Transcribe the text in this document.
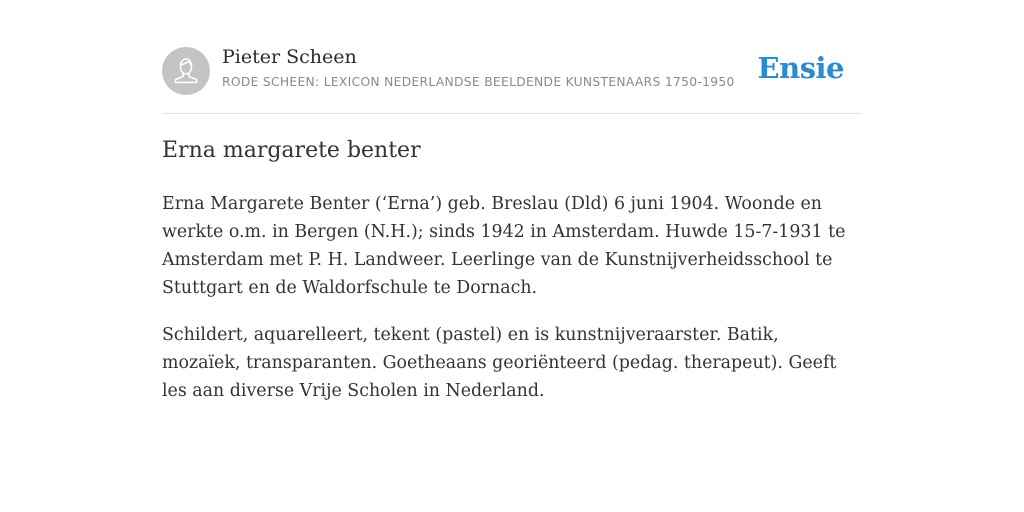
Pieter Scheen
RODE SCHEEN: LEXICON NEDERLANDSE BEELDENDE KUNSTENAARS 1750-1950 Ensie
Erna margarete benter

Erna Margarete Benter (‘Erna’) geb. Breslau (Dld) 6 juni 1904. Woonde en werkte o.m. in Bergen (N.H.); sinds 1942 in Amsterdam. Huwde 15-7-1931 te Amsterdam met P. H. Landweer. Leerlinge van de Kunstnijverheidsschool te Stuttgart en de Waldorfschule te Dornach.

Schildert, aquarelleert, tekent (pastel) en is kunstnijveraarster. Batik, mozaïek, transparanten. Goetheaans georiënteerd (pedag. therapeut). Geeft les aan diverse Vrije Scholen in Nederland.
